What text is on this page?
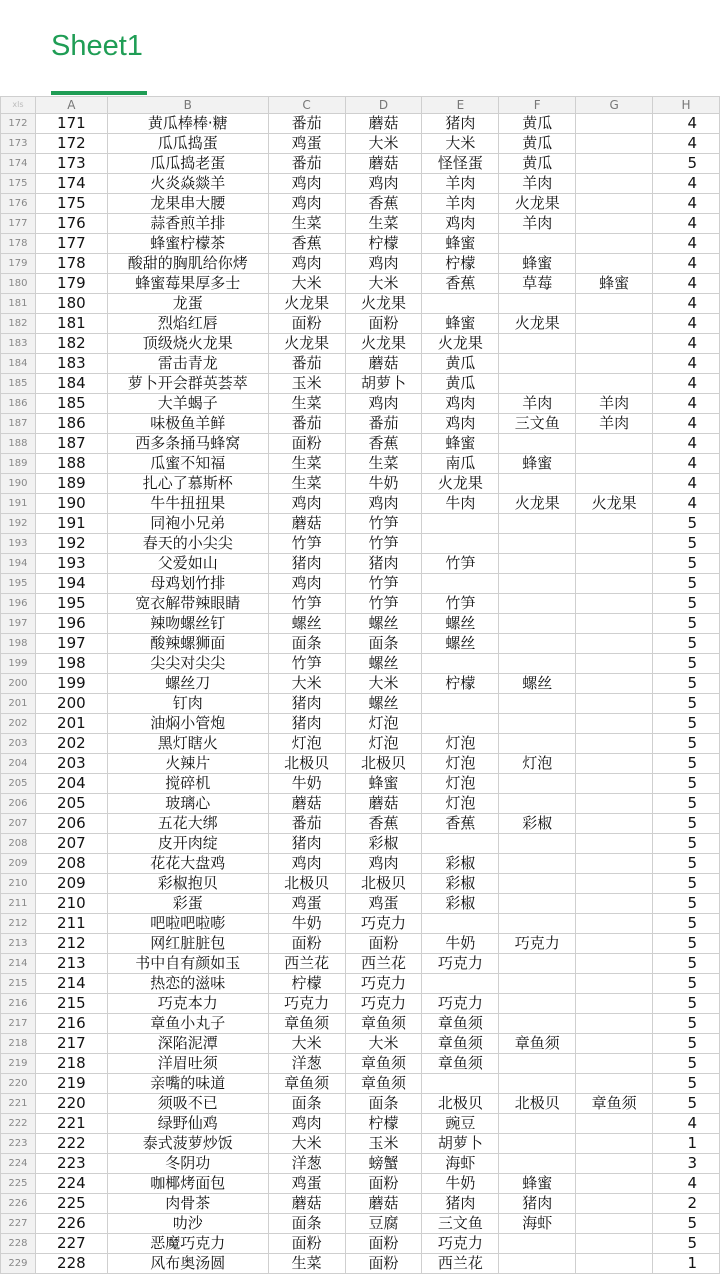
Sheet1
xls	A	B	C	D	E	F	G	H
172	171	黄瓜棒棒·糖	番茄	蘑菇	猪肉	黄瓜		4
173	172	瓜瓜捣蛋	鸡蛋	大米	大米	黄瓜		4
174	173	瓜瓜捣老蛋	番茄	蘑菇	怪怪蛋	黄瓜		5
175	174	火炎焱燚羊	鸡肉	鸡肉	羊肉	羊肉		4
176	175	龙果串大腰	鸡肉	香蕉	羊肉	火龙果		4
177	176	蒜香煎羊排	生菜	生菜	鸡肉	羊肉		4
178	177	蜂蜜柠檬茶	香蕉	柠檬	蜂蜜			4
179	178	酸甜的胸肌给你烤	鸡肉	鸡肉	柠檬	蜂蜜		4
180	179	蜂蜜莓果厚多士	大米	大米	香蕉	草莓	蜂蜜	4
181	180	龙蛋	火龙果	火龙果				4
182	181	烈焰红唇	面粉	面粉	蜂蜜	火龙果		4
183	182	顶级烧火龙果	火龙果	火龙果	火龙果			4
184	183	雷击青龙	番茄	蘑菇	黄瓜			4
185	184	萝卜开会群英荟萃	玉米	胡萝卜	黄瓜			4
186	185	大羊蝎子	生菜	鸡肉	鸡肉	羊肉	羊肉	4
187	186	味极鱼羊鲜	番茄	番茄	鸡肉	三文鱼	羊肉	4
188	187	西多条捅马蜂窝	面粉	香蕉	蜂蜜			4
189	188	瓜蜜不知福	生菜	生菜	南瓜	蜂蜜		4
190	189	扎心了慕斯杯	生菜	牛奶	火龙果			4
191	190	牛牛扭扭果	鸡肉	鸡肉	牛肉	火龙果	火龙果	4
192	191	同袍小兄弟	蘑菇	竹笋				5
193	192	春天的小尖尖	竹笋	竹笋				5
194	193	父爱如山	猪肉	猪肉	竹笋			5
195	194	母鸡划竹排	鸡肉	竹笋				5
196	195	宽衣解带辣眼睛	竹笋	竹笋	竹笋			5
197	196	辣吻螺丝钉	螺丝	螺丝	螺丝			5
198	197	酸辣螺狮面	面条	面条	螺丝			5
199	198	尖尖对尖尖	竹笋	螺丝				5
200	199	螺丝刀	大米	大米	柠檬	螺丝		5
201	200	钉肉	猪肉	螺丝				5
202	201	油焖小管炮	猪肉	灯泡				5
203	202	黑灯瞎火	灯泡	灯泡	灯泡			5
204	203	火辣片	北极贝	北极贝	灯泡	灯泡		5
205	204	搅碎机	牛奶	蜂蜜	灯泡			5
206	205	玻璃心	蘑菇	蘑菇	灯泡			5
207	206	五花大绑	番茄	香蕉	香蕉	彩椒		5
208	207	皮开肉绽	猪肉	彩椒				5
209	208	花花大盘鸡	鸡肉	鸡肉	彩椒			5
210	209	彩椒抱贝	北极贝	北极贝	彩椒			5
211	210	彩蛋	鸡蛋	鸡蛋	彩椒			5
212	211	吧啦吧啦嘭	牛奶	巧克力				5
213	212	网红脏脏包	面粉	面粉	牛奶	巧克力		5
214	213	书中自有颜如玉	西兰花	西兰花	巧克力			5
215	214	热恋的滋味	柠檬	巧克力				5
216	215	巧克本力	巧克力	巧克力	巧克力			5
217	216	章鱼小丸子	章鱼须	章鱼须	章鱼须			5
218	217	深陷泥潭	大米	大米	章鱼须	章鱼须		5
219	218	洋眉吐须	洋葱	章鱼须	章鱼须			5
220	219	亲嘴的味道	章鱼须	章鱼须				5
221	220	须吸不已	面条	面条	北极贝	北极贝	章鱼须	5
222	221	绿野仙鸡	鸡肉	柠檬	豌豆			4
223	222	泰式菠萝炒饭	大米	玉米	胡萝卜			1
224	223	冬阴功	洋葱	螃蟹	海虾			3
225	224	咖椰烤面包	鸡蛋	面粉	牛奶	蜂蜜		4
226	225	肉骨茶	蘑菇	蘑菇	猪肉	猪肉		2
227	226	叻沙	面条	豆腐	三文鱼	海虾		5
228	227	恶魔巧克力	面粉	面粉	巧克力			5
229	228	风布奥汤圆	生菜	面粉	西兰花			1
